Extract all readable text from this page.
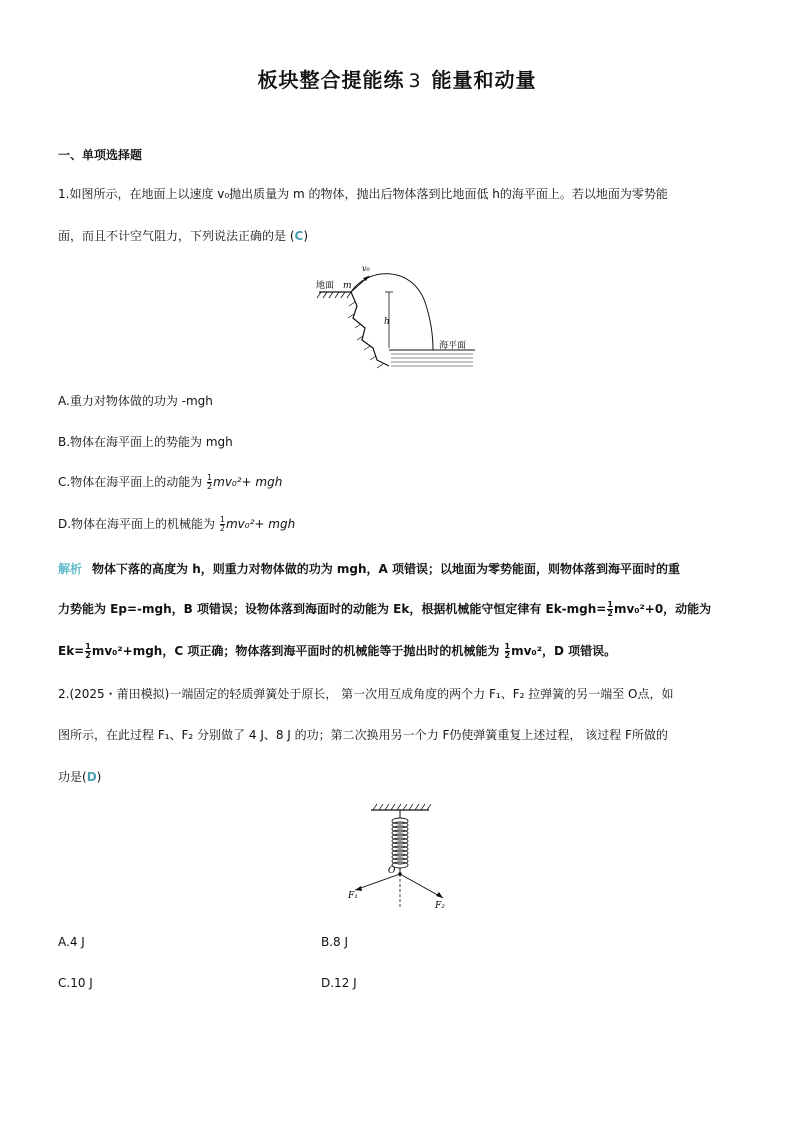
板块整合提能练 3 能量和动量
一、单项选择题
1.如图所示，在地面上以速度 v₀抛出质量为 m 的物体，抛出后物体落到比地面低 h的海平面上。若以地面为零势能
面，而且不计空气阻力，下列说法正确的是 (C)
地面 m
v₀
h
海平面
A.重力对物体做的功为 -mgh
B.物体在海平面上的势能为 mgh
C.物体在海平面上的动能为 $\frac{1}{2} mv_0^2+$ mgh
D.物体在海平面上的机械能为 $\frac{1}{2} mv_0^2+$ mgh
解析 物体下落的高度为 h，则重力对物体做的功为 mgh，A 项错误；以地面为零势能面，则物体落到海平面时的重
力势能为 Ep=-mgh，B 项错误；设物体落到海面时的动能为 Ek，根据机械能守恒定律有 $Ek-mgh= \frac{1}{2} mv_0^2+0$，动能为
$Ek= \frac{1}{2} mv_0^2+mgh$，C 项正确；物体落到海平面时的机械能等于抛出时的机械能为 $\frac{1}{2} mv_0^2$，D 项错误。
2.(2025・莆田模拟)一端固定的轻质弹簧处于原长， 第一次用互成角度的两个力 F₁、F₂ 拉弹簧的另一端至 O点，如
图所示，在此过程 F₁、F₂ 分别做了 4 J、8 J 的功；第二次换用另一个力 F仍使弹簧重复上述过程， 该过程 F所做的
功是(D)
O
F₁
F₂
A.4 J	B.8 J
C.10 J	D.12 J
